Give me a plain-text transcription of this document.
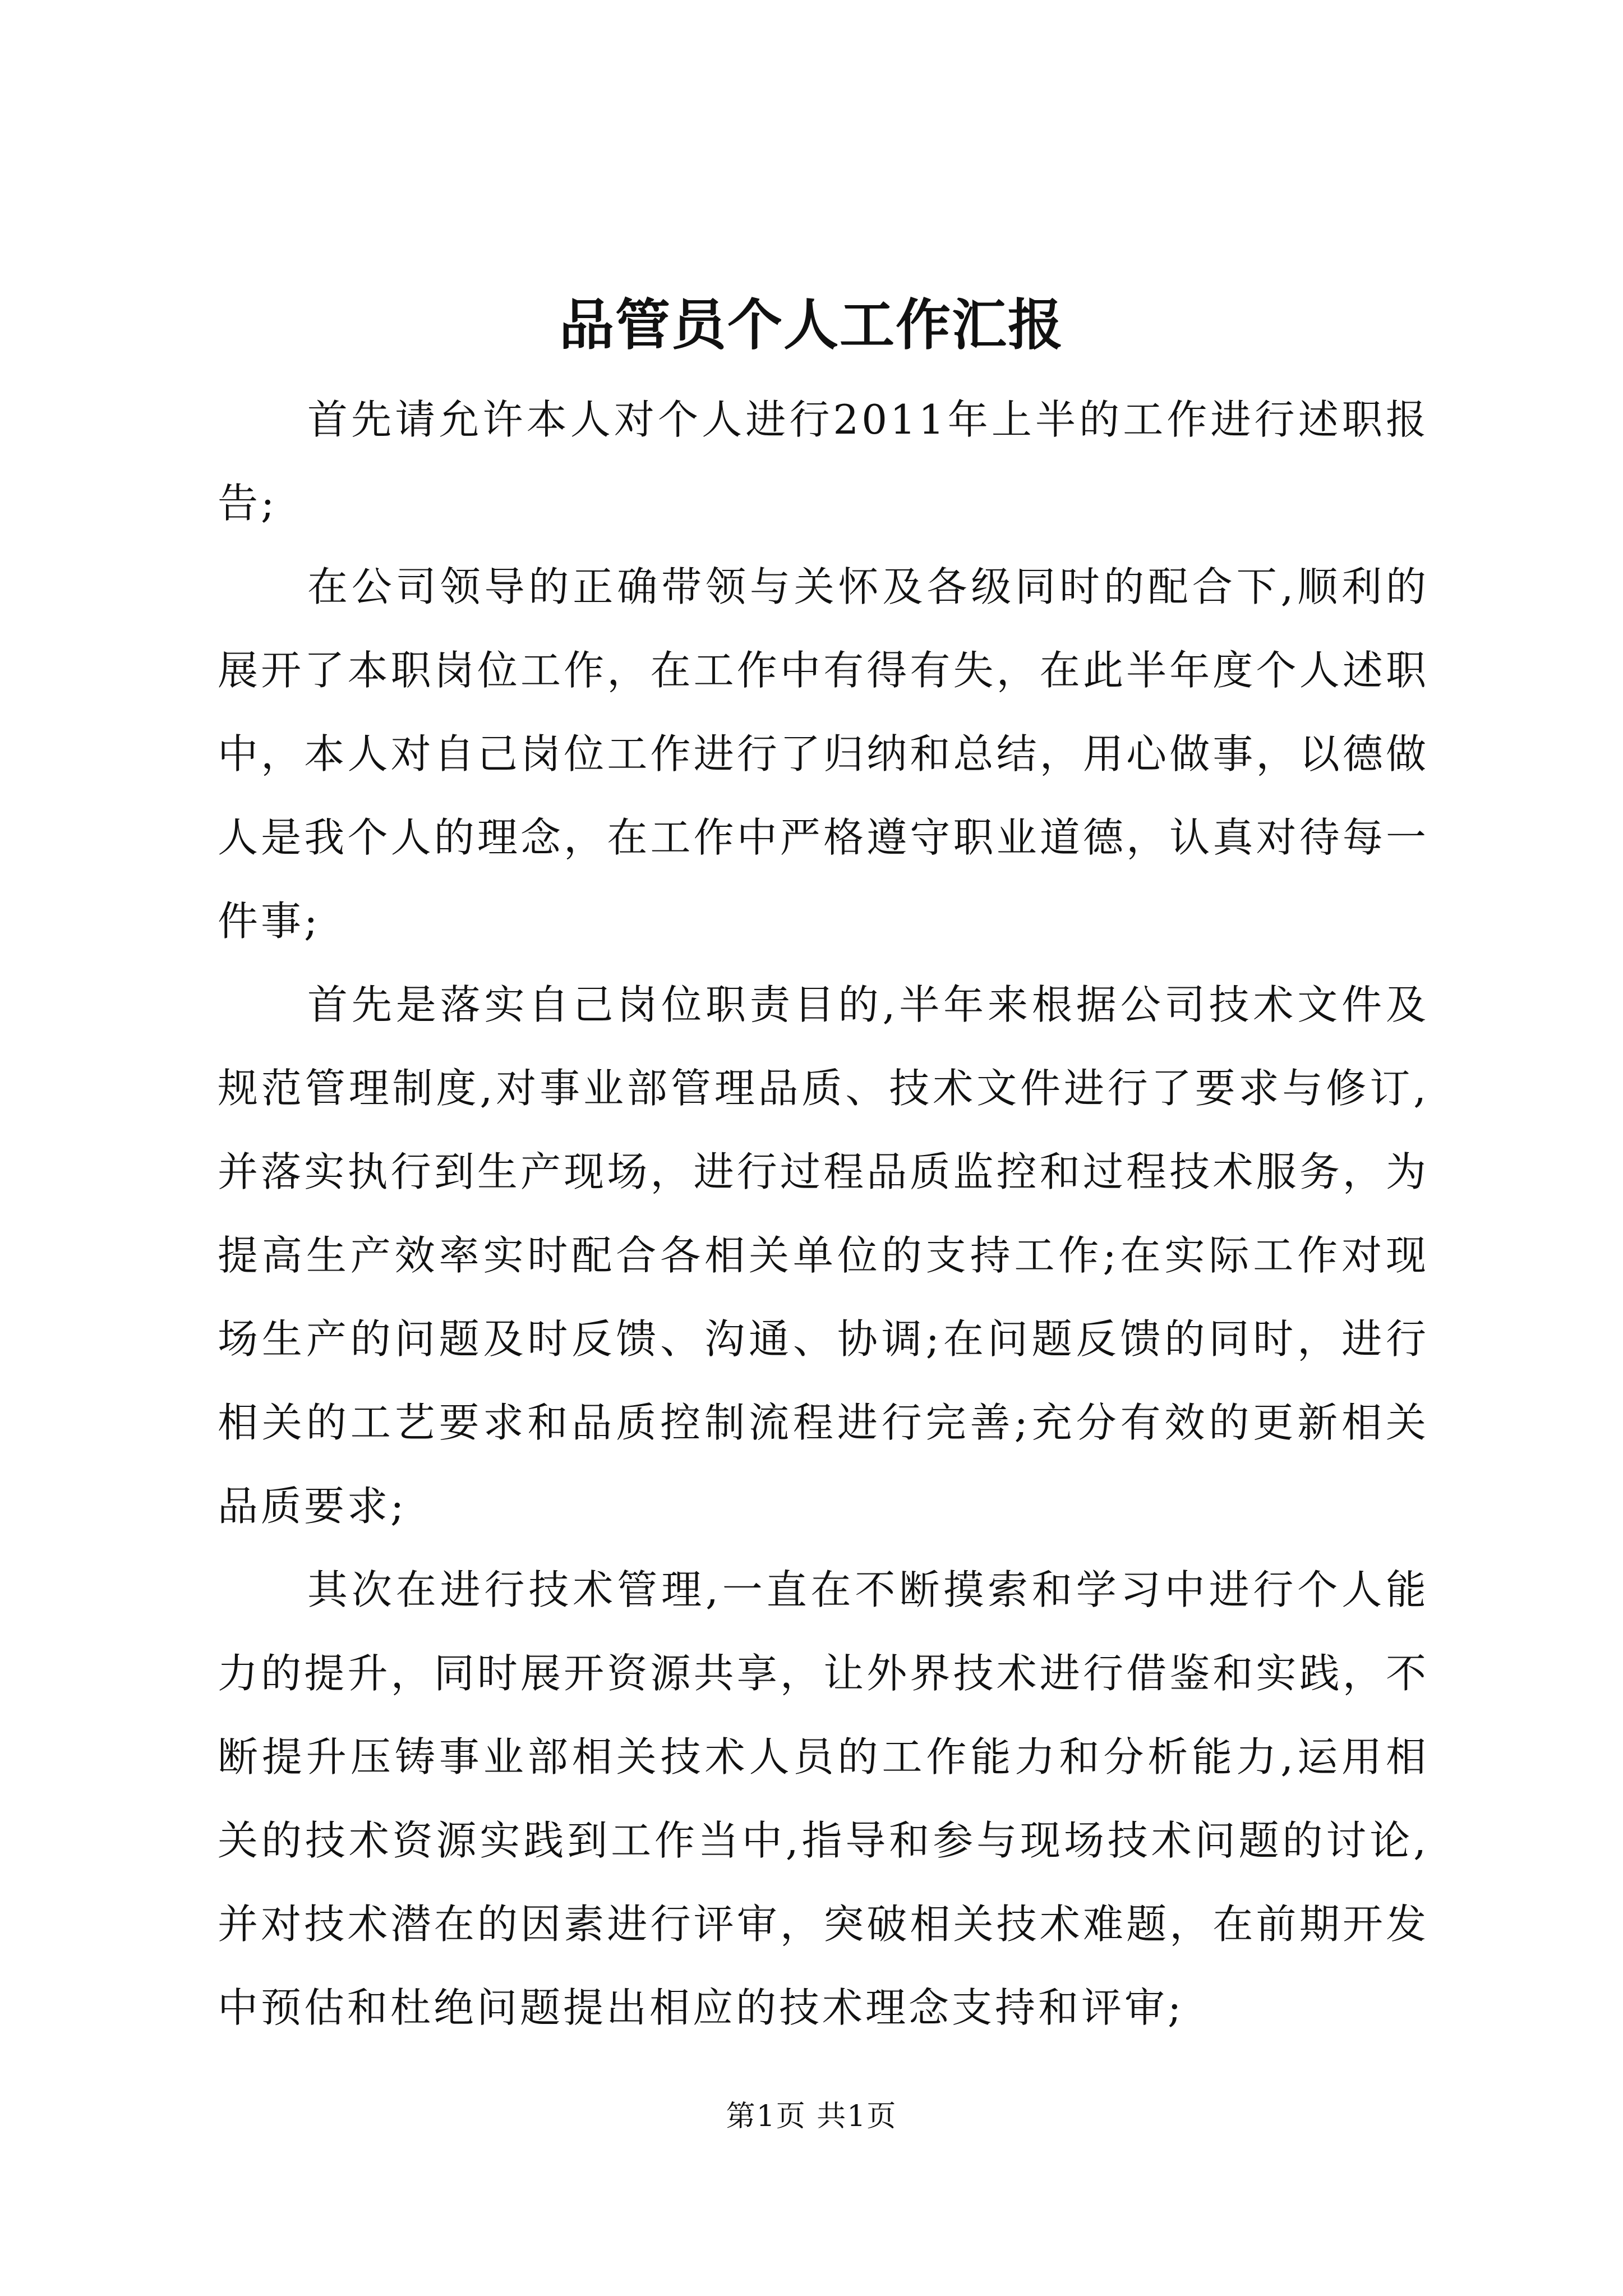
品管员个人工作汇报

首先请允许本人对个人进行2011年上半的工作进行述职报告;

在公司领导的正确带领与关怀及各级同时的配合下,顺利的展开了本职岗位工作，在工作中有得有失，在此半年度个人述职中，本人对自己岗位工作进行了归纳和总结，用心做事，以德做人是我个人的理念，在工作中严格遵守职业道德，认真对待每一件事;

首先是落实自己岗位职责目的,半年来根据公司技术文件及规范管理制度,对事业部管理品质、技术文件进行了要求与修订,并落实执行到生产现场，进行过程品质监控和过程技术服务，为提高生产效率实时配合各相关单位的支持工作;在实际工作对现场生产的问题及时反馈、沟通、协调;在问题反馈的同时，进行相关的工艺要求和品质控制流程进行完善;充分有效的更新相关品质要求;

其次在进行技术管理,一直在不断摸索和学习中进行个人能力的提升，同时展开资源共享，让外界技术进行借鉴和实践，不断提升压铸事业部相关技术人员的工作能力和分析能力,运用相关的技术资源实践到工作当中,指导和参与现场技术问题的讨论,并对技术潜在的因素进行评审，突破相关技术难题，在前期开发中预估和杜绝问题提出相应的技术理念支持和评审;

第1页 共1页
